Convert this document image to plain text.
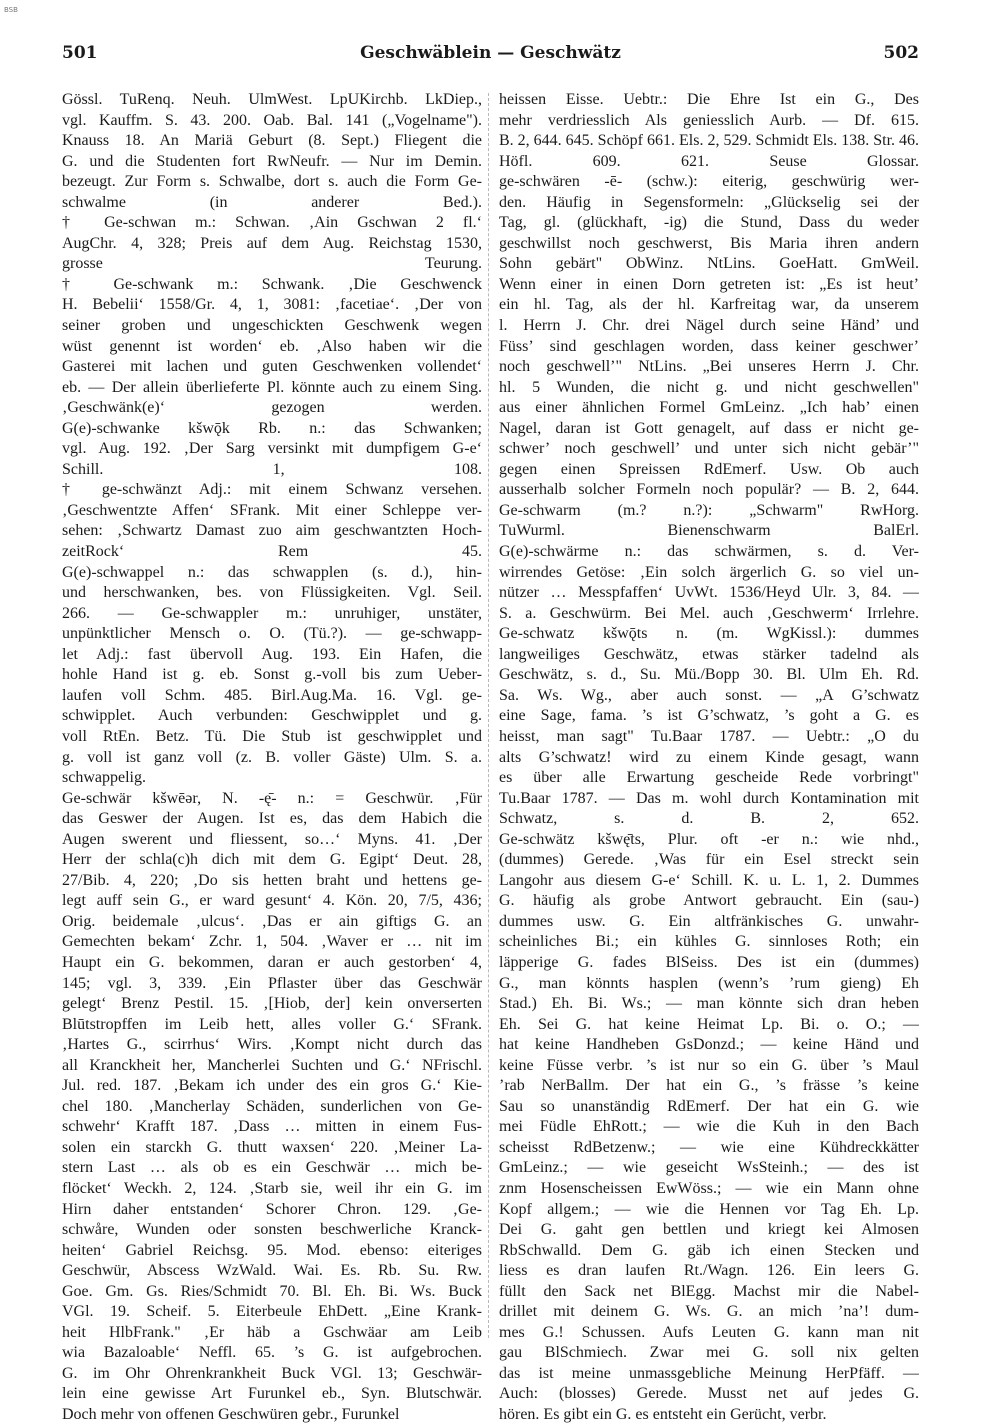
BSB
Geschwäblein — Geschwätz
501	502
Gössl. TuRenq. Neuh. UlmWest. LpUKirchb. LkDiep.,
vgl. Kauffm. S. 43. 200. Oab. Bal. 141 („Vogelname").
Knauss 18. An Mariä Geburt (8. Sept.) Fliegent die
G. und die Studenten fort RwNeufr. — Nur im Demin.
bezeugt. Zur Form s. Schwalbe, dort s. auch die Form Ge-
schwalme (in anderer Bed.).
† Ge-schwan m.: Schwan. ‚Ain Gschwan 2 fl.‘
AugChr. 4, 328; Preis auf dem Aug. Reichstag 1530,
grosse Teurung.
† Ge-schwank m.: Schwank. ‚Die Geschwenck
H. Bebelii‘ 1558/Gr. 4, 1, 3081: ‚facetiae‘. ‚Der von
seiner groben und ungeschickten Geschwenk wegen
wüst genennt ist worden‘ eb. ‚Also haben wir die
Gasterei mit lachen und guten Geschwenken vollendet‘
eb. — Der allein überlieferte Pl. könnte auch zu einem Sing.
‚Geschwänk(e)‘ gezogen werden.
G(e)-schwanke kšwǭk Rb. n.: das Schwanken;
vgl. Aug. 192. ‚Der Sarg versinkt mit dumpfigem G-e‘
Schill. 1, 108.
† ge-schwänzt Adj.: mit einem Schwanz versehen.
‚Geschwentzte Affen‘ SFrank. Mit einer Schleppe ver-
sehen: ‚Schwartz Damast zuo aim geschwantzten Hoch-
zeitRock‘ Rem 45.
G(e)-schwappel n.: das schwapplen (s. d.), hin-
und herschwanken, bes. von Flüssigkeiten. Vgl. Seil.
266. — Ge-schwappler m.: unruhiger, unstäter,
unpünktlicher Mensch o. O. (Tü.?). — ge-schwapp-
let Adj.: fast übervoll Aug. 193. Ein Hafen, die
hohle Hand ist g. eb. Sonst g.-voll bis zum Ueber-
laufen voll Schm. 485. Birl.Aug.Ma. 16. Vgl. ge-
schwipplet. Auch verbunden: Geschwipplet und g.
voll RtEn. Betz. Tü. Die Stub ist geschwipplet und
g. voll ist ganz voll (z. B. voller Gäste) Ulm. S. a.
schwappelig.
Ge-schwär kšwēər, N. -ę̄- n.: = Geschwür. ‚Für
das Geswer der Augen. Ist es, das dem Habich die
Augen swerent und fliessent, so…‘ Myns. 41. ‚Der
Herr der schla(c)h dich mit dem G. Egipt‘ Deut. 28,
27/Bib. 4, 220; ‚Do sis hetten braht und hettens ge-
legt auff sein G., er ward gesunt‘ 4. Kön. 20, 7/5, 436;
Orig. beidemale ‚ulcus‘. ‚Das er ain giftigs G. an
Gemechten bekam‘ Zchr. 1, 504. ‚Waver er … nit im
Haupt ein G. bekommen, daran er auch gestorben‘ 4,
145; vgl. 3, 339. ‚Ein Pflaster über das Geschwär
gelegt‘ Brenz Pestil. 15. ‚[Hiob, der] kein onverserten
Blūtstropffen im Leib hett, alles voller G.‘ SFrank.
‚Hartes G., scirrhus‘ Wirs. ‚Kompt nicht durch das
all Kranckheit her, Mancherlei Suchten und G.‘ NFrischl.
Jul. red. 187. ‚Bekam ich under des ein gros G.‘ Kie-
chel 180. ‚Mancherlay Schäden, sunderlichen von Ge-
schwehr‘ Krafft 187. ‚Dass … mitten in einem Fus-
solen ein starckh G. thutt waxsen‘ 220. ‚Meiner La-
stern Last … als ob es ein Geschwär … mich be-
flöcket‘ Weckh. 2, 124. ‚Starb sie, weil ihr ein G. im
Hirn daher entstanden‘ Schorer Chron. 129. ‚Ge-
schwåre, Wunden oder sonsten beschwerliche Kranck-
heiten‘ Gabriel Reichsg. 95. Mod. ebenso: eiteriges
Geschwür, Abscess WzWald. Wai. Es. Rb. Su. Rw.
Goe. Gm. Gs. Ries/Schmidt 70. Bl. Eh. Bi. Ws. Buck
VGl. 19. Scheif. 5. Eiterbeule EhDett. „Eine Krank-
heit HlbFrank." ‚Er häb a Gschwäar am Leib
wia Bazaloable‘ Neffl. 65. ’s G. ist aufgebrochen.
G. im Ohr Ohrenkrankheit Buck VGl. 13; Geschwär-
lein eine gewisse Art Furunkel eb., Syn. Blutschwär.
Doch mehr von offenen Geschwüren gebr., Furunkel
heissen Eisse. Uebtr.: Die Ehre Ist ein G., Des
mehr verdriesslich Als geniesslich Aurb. — Df. 615.
B. 2, 644. 645. Schöpf 661. Els. 2, 529. Schmidt Els. 138. Str. 46.
Höfl. 609. 621. Seuse Glossar.
ge-schwären -ē- (schw.): eiterig, geschwürig wer-
den. Häufig in Segensformeln: „Glückselig sei der
Tag, gl. (glückhaft, -ig) die Stund, Dass du weder
geschwillst noch geschwerst, Bis Maria ihren andern
Sohn gebärt" ObWinz. NtLins. GoeHatt. GmWeil.
Wenn einer in einen Dorn getreten ist: „Es ist heut’
ein hl. Tag, als der hl. Karfreitag war, da unserem
l. Herrn J. Chr. drei Nägel durch seine Händ’ und
Füss’ sind geschlagen worden, dass keiner geschwer’
noch geschwell’" NtLins. „Bei unseres Herrn J. Chr.
hl. 5 Wunden, die nicht g. und nicht geschwellen"
aus einer ähnlichen Formel GmLeinz. „Ich hab’ einen
Nagel, daran ist Gott genagelt, auf dass er nicht ge-
schwer’ noch geschwell’ und unter sich nicht gebär’"
gegen einen Spreissen RdEmerf. Usw. Ob auch
ausserhalb solcher Formeln noch populär? — B. 2, 644.
Ge-schwarm (m.? n.?): „Schwarm" RwHorg.
TuWurml. Bienenschwarm BalErl.
G(e)-schwärme n.: das schwärmen, s. d. Ver-
wirrendes Getöse: ‚Ein solch ärgerlich G. so viel un-
nützer … Messpfaffen‘ UvWt. 1536/Heyd Ulr. 3, 84. —
S. a. Geschwürm. Bei Mel. auch ‚Geschwerm‘ Irrlehre.
Ge-schwatz kšwǭts n. (m. WgKissl.): dummes
langweiliges Geschwätz, etwas stärker tadelnd als
Geschwätz, s. d., Su. Mü./Bopp 30. Bl. Ulm Eh. Rd.
Sa. Ws. Wg., aber auch sonst. — „A G’schwatz
eine Sage, fama. ’s ist G’schwatz, ’s goht a G. es
heisst, man sagt" Tu.Baar 1787. — Uebtr.: „O du
alts G’schwatz! wird zu einem Kinde gesagt, wann
es über alle Erwartung gescheide Rede vorbringt"
Tu.Baar 1787. — Das m. wohl durch Kontamination mit
Schwatz, s. d. B. 2, 652.
Ge-schwätz kšwę̄ts, Plur. oft -er n.: wie nhd.,
(dummes) Gerede. ‚Was für ein Esel streckt sein
Langohr aus diesem G-e‘ Schill. K. u. L. 1, 2. Dummes
G. häufig als grobe Antwort gebraucht. Ein (sau-)
dummes usw. G. Ein altfränkisches G. unwahr-
scheinliches Bi.; ein kühles G. sinnloses Roth; ein
läpperige G. fades BlSeiss. Des ist ein (dummes)
G., man könnts hasplen (wenn’s ’rum gieng) Eh
Stad.) Eh. Bi. Ws.; — man könnte sich dran heben
Eh. Sei G. hat keine Heimat Lp. Bi. o. O.; —
hat keine Handheben GsDonzd.; — keine Händ und
keine Füsse verbr. ’s ist nur so ein G. über ’s Maul
’rab NerBallm. Der hat ein G., ’s frässe ’s keine
Sau so unanständig RdEmerf. Der hat ein G. wie
mei Füdle EhRott.; — wie die Kuh in den Bach
scheisst RdBetzenw.; — wie eine Kühdreckkätter
GmLeinz.; — wie geseicht WsSteinh.; — des ist
znm Hosenscheissen EwWöss.; — wie ein Mann ohne
Kopf allgem.; — wie die Hennen vor Tag Eh. Lp.
Dei G. gaht gen bettlen und kriegt kei Almosen
RbSchwalld. Dem G. gäb ich einen Stecken und
liess es dran laufen Rt./Wagn. 126. Ein leers G.
füllt den Sack net BlEgg. Machst mir die Nabel-
drillet mit deinem G. Ws. G. an mich ’na’! dum-
mes G.! Schussen. Aufs Leuten G. kann man nit
gau BlSchmiech. Zwar mei G. soll nix gelten
das ist meine unmassgebliche Meinung HerPfäff. —
Auch: (blosses) Gerede. Musst net auf jedes G.
hören. Es gibt ein G. es entsteht ein Gerücht, verbr.
